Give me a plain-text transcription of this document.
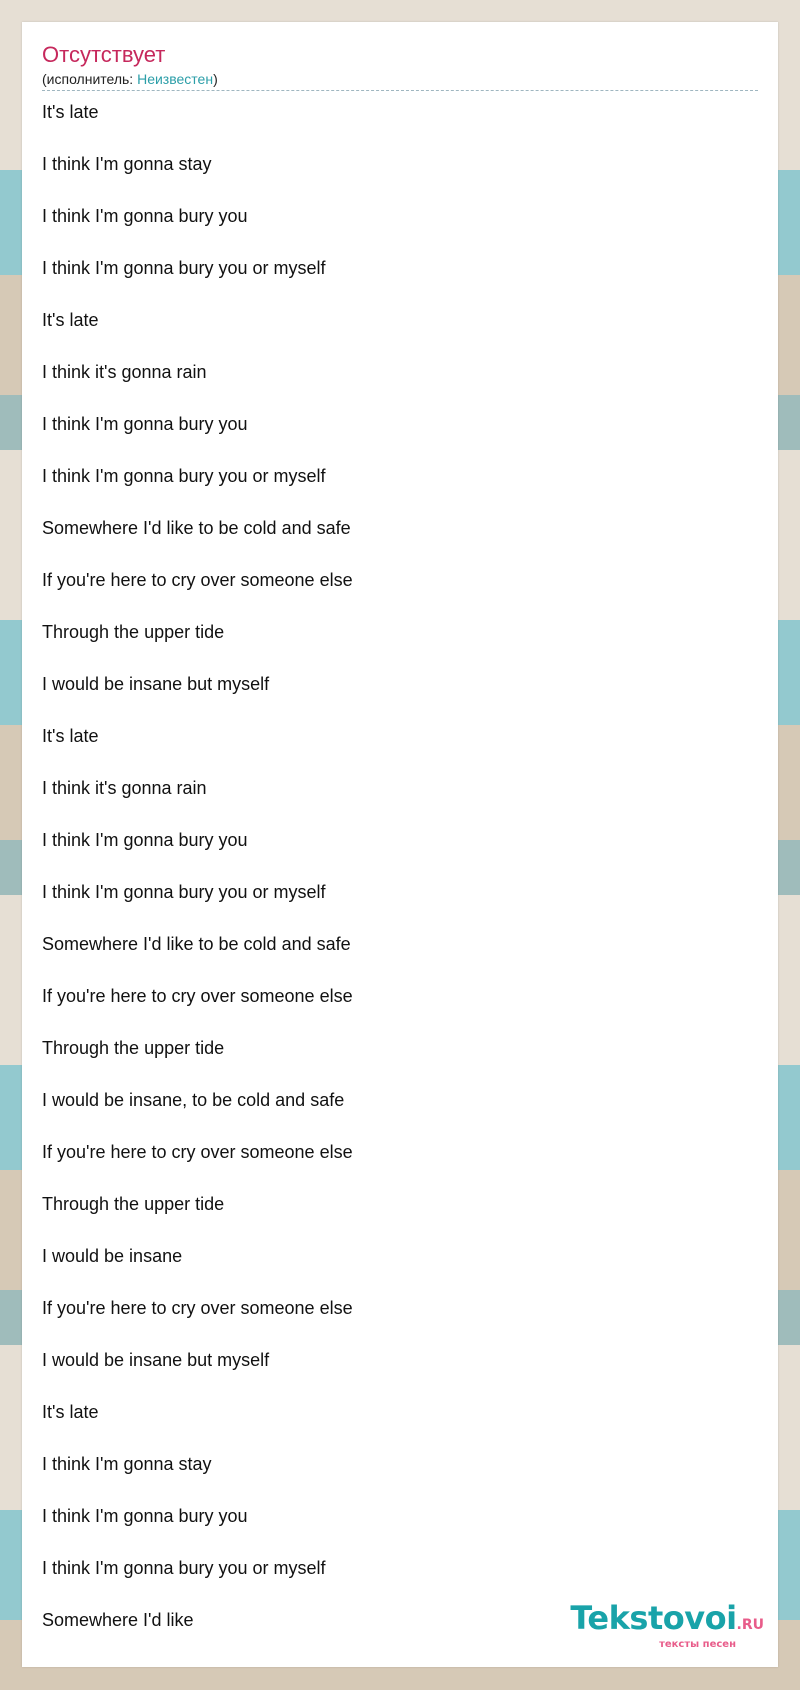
Отсутствует
(исполнитель: Неизвестен)
It's late
I think I'm gonna stay
I think I'm gonna bury you
I think I'm gonna bury you or myself
It's late
I think it's gonna rain
I think I'm gonna bury you
I think I'm gonna bury you or myself
Somewhere I'd like to be cold and safe
If you're here to cry over someone else
Through the upper tide
I would be insane but myself
It's late
I think it's gonna rain
I think I'm gonna bury you
I think I'm gonna bury you or myself
Somewhere I'd like to be cold and safe
If you're here to cry over someone else
Through the upper tide
I would be insane, to be cold and safe
If you're here to cry over someone else
Through the upper tide
I would be insane
If you're here to cry over someone else
I would be insane but myself
It's late
I think I'm gonna stay
I think I'm gonna bury you
I think I'm gonna bury you or myself
Somewhere I'd like	Tekstovoi.RU
тексты песен
